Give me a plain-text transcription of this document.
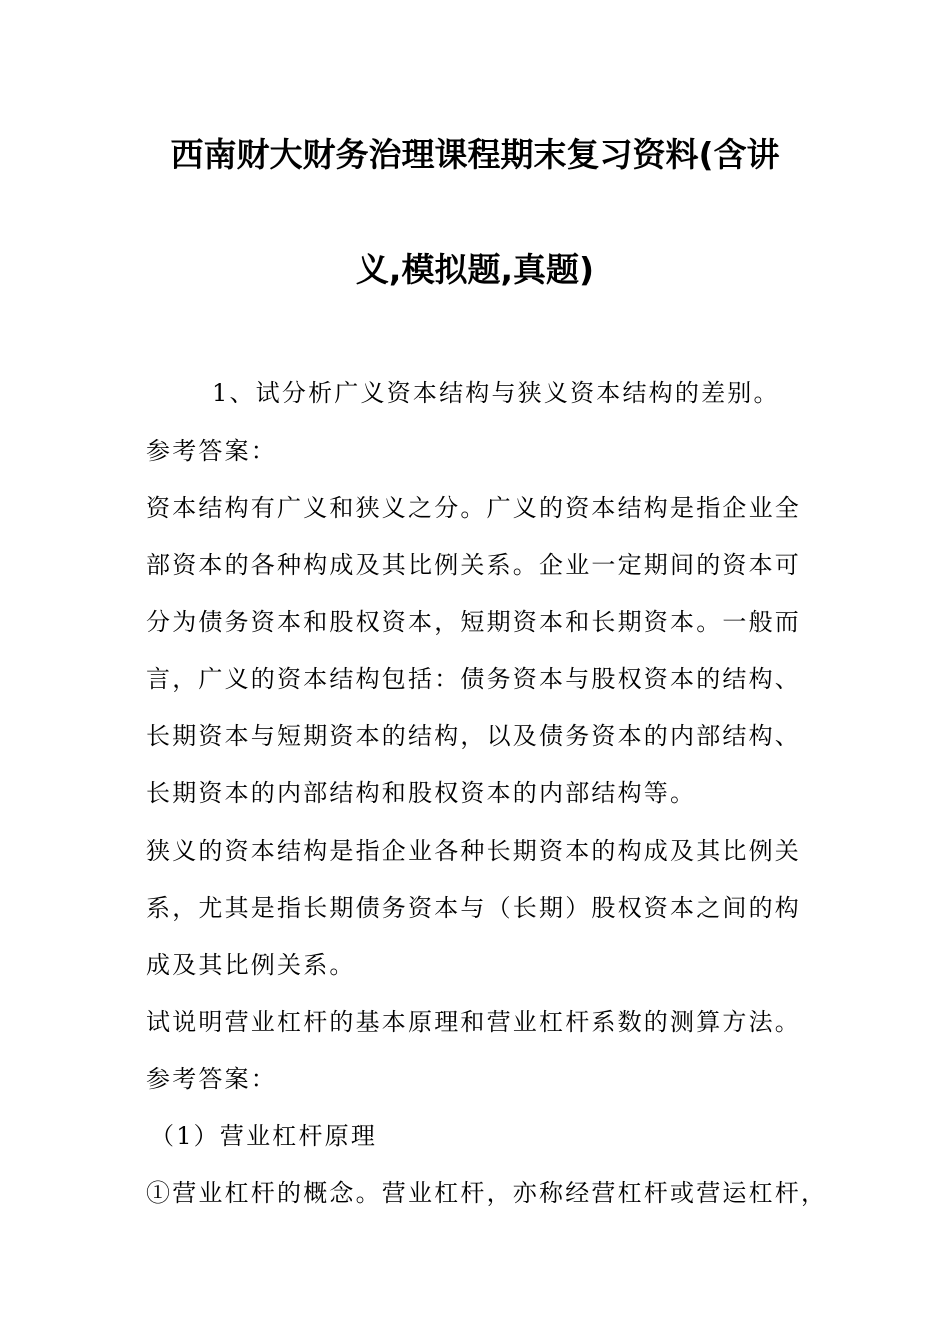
西南财大财务治理课程期末复习资料(含讲
义,模拟题,真题)
1、试分析广义资本结构与狭义资本结构的差别。
参考答案：
资本结构有广义和狭义之分。广义的资本结构是指企业全
部资本的各种构成及其比例关系。企业一定期间的资本可
分为债务资本和股权资本，短期资本和长期资本。一般而
言，广义的资本结构包括：债务资本与股权资本的结构、
长期资本与短期资本的结构，以及债务资本的内部结构、
长期资本的内部结构和股权资本的内部结构等。
狭义的资本结构是指企业各种长期资本的构成及其比例关
系，尤其是指长期债务资本与（长期）股权资本之间的构
成及其比例关系。
试说明营业杠杆的基本原理和营业杠杆系数的测算方法。
参考答案：
（1）营业杠杆原理
①营业杠杆的概念。营业杠杆，亦称经营杠杆或营运杠杆，
